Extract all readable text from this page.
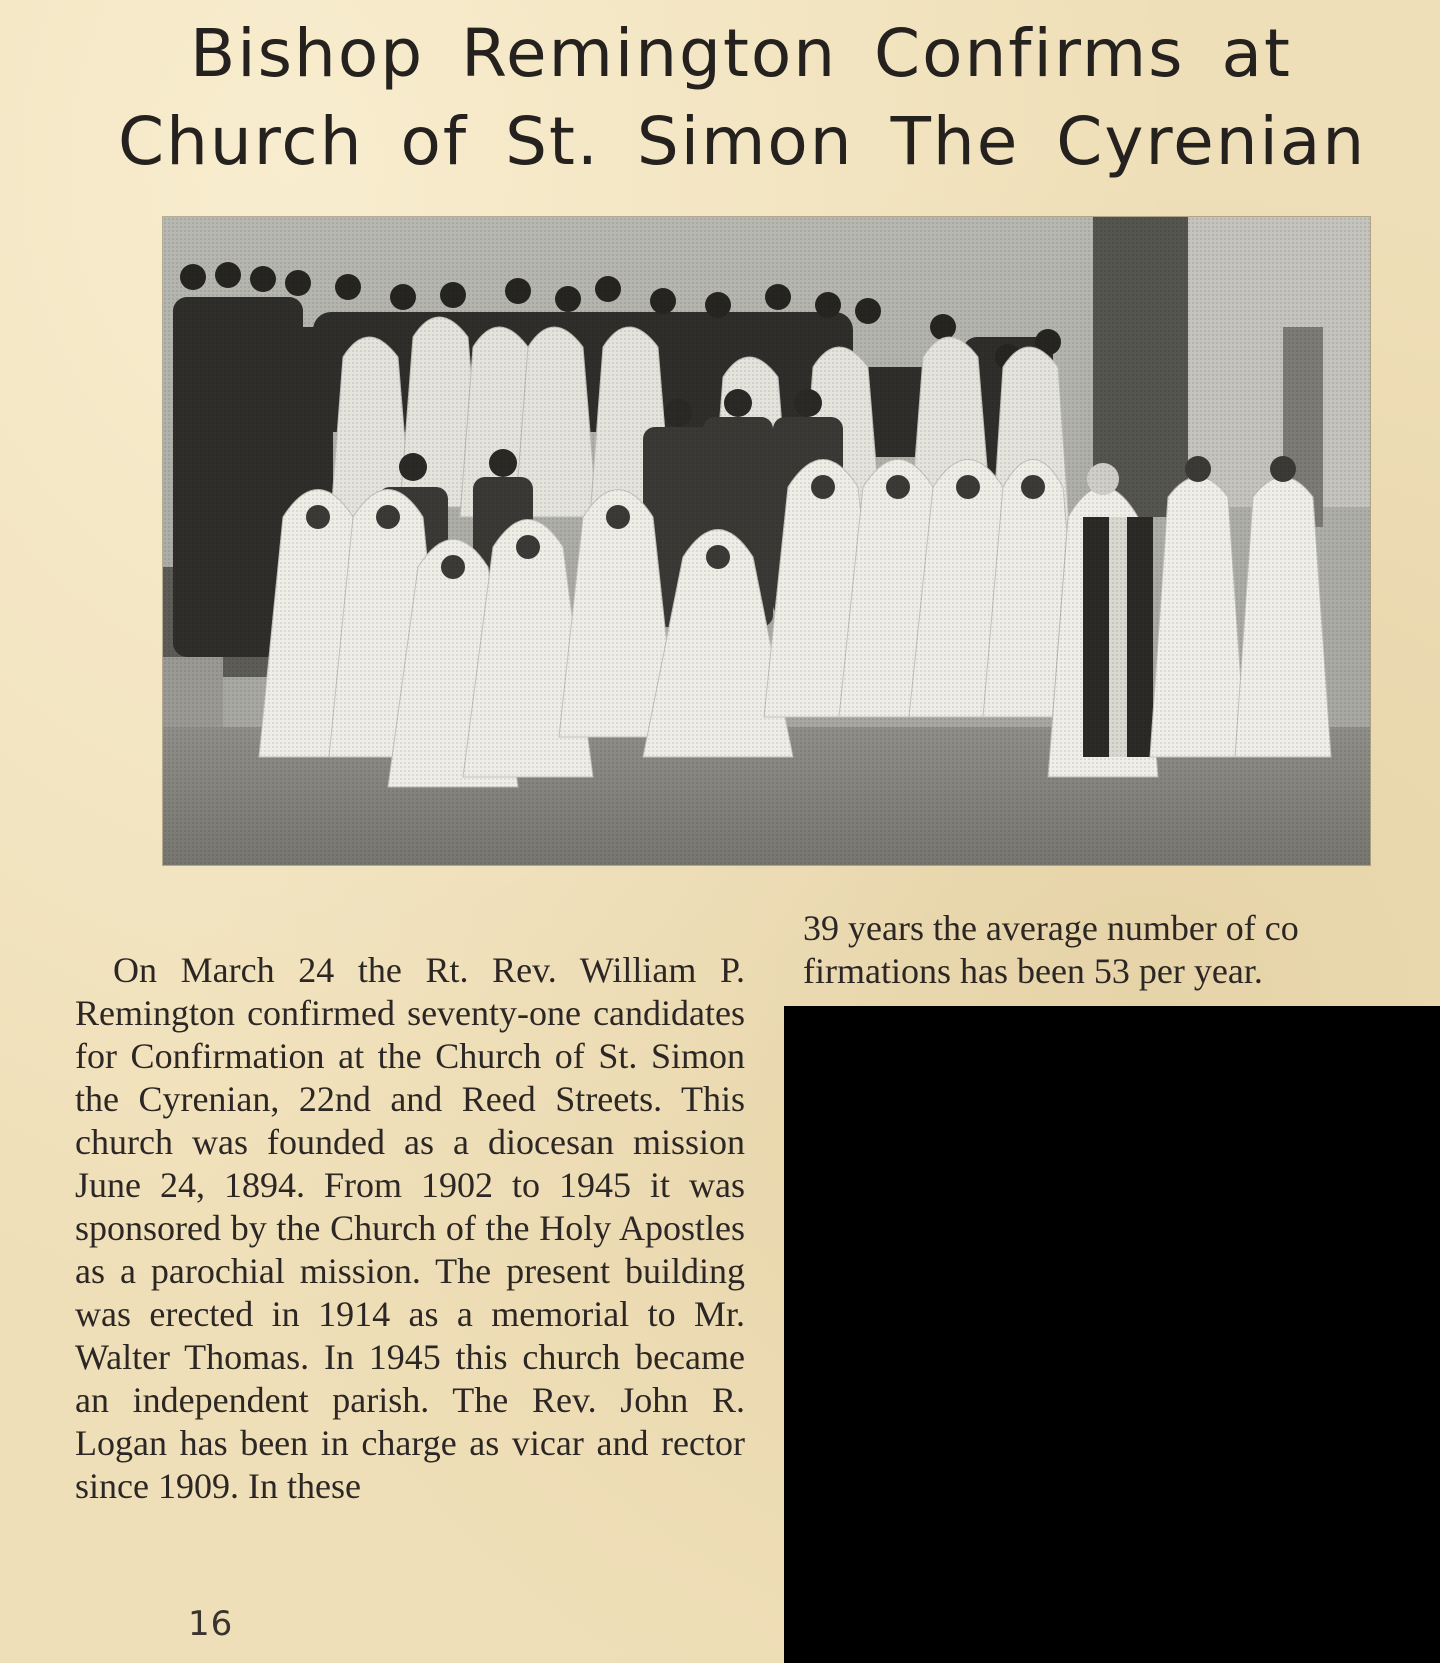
Bishop Remington Confirms at
Church of St. Simon The Cyrenian

On March 24 the Rt. Rev. William P. Remington confirmed seventy-one candidates for Confirmation at the Church of St. Simon the Cyrenian, 22nd and Reed Streets. This church was founded as a diocesan mission June 24, 1894. From 1902 to 1945 it was sponsored by the Church of the Holy Apostles as a parochial mission. The present building was erected in 1914 as a memorial to Mr. Walter Thomas. In 1945 this church became an independent parish. The Rev. John R. Logan has been in charge as vicar and rector since 1909. In these

39 years the average number of co
firmations has been 53 per year.
16
